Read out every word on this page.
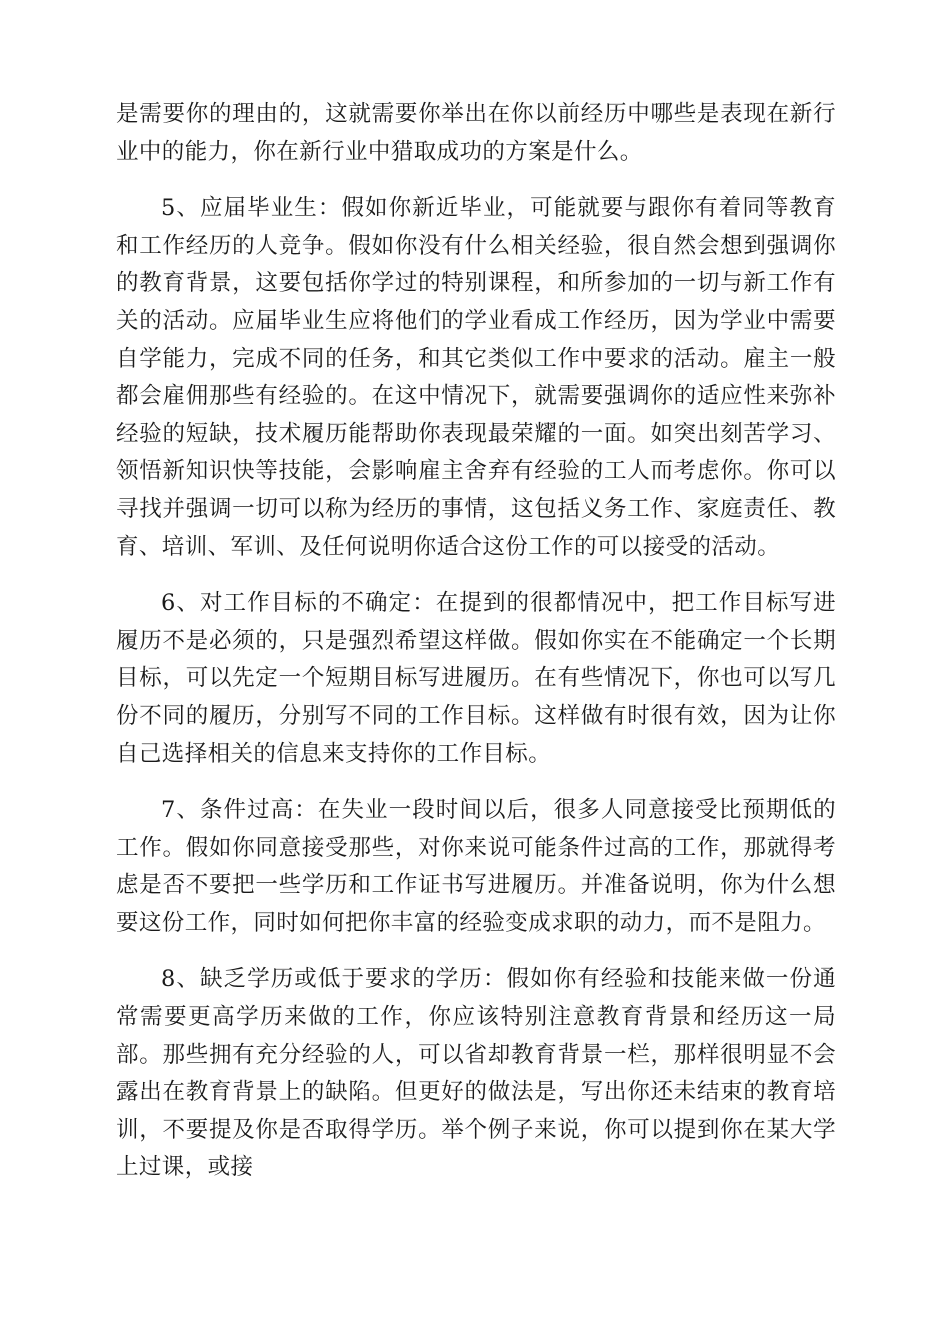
是需要你的理由的，这就需要你举出在你以前经历中哪些是表现在新行业中的能力，你在新行业中猎取成功的方案是什么。

5、应届毕业生：假如你新近毕业，可能就要与跟你有着同等教育和工作经历的人竞争。假如你没有什么相关经验，很自然会想到强调你的教育背景，这要包括你学过的特别课程，和所参加的一切与新工作有关的活动。应届毕业生应将他们的学业看成工作经历，因为学业中需要自学能力，完成不同的任务，和其它类似工作中要求的活动。雇主一般都会雇佣那些有经验的。在这中情况下，就需要强调你的适应性来弥补经验的短缺，技术履历能帮助你表现最荣耀的一面。如突出刻苦学习、领悟新知识快等技能，会影响雇主舍弃有经验的工人而考虑你。你可以寻找并强调一切可以称为经历的事情，这包括义务工作、家庭责任、教育、培训、军训、及任何说明你适合这份工作的可以接受的活动。

6、对工作目标的不确定：在提到的很都情况中，把工作目标写进履历不是必须的，只是强烈希望这样做。假如你实在不能确定一个长期目标，可以先定一个短期目标写进履历。在有些情况下，你也可以写几份不同的履历，分别写不同的工作目标。这样做有时很有效，因为让你自己选择相关的信息来支持你的工作目标。

7、条件过高：在失业一段时间以后，很多人同意接受比预期低的工作。假如你同意接受那些，对你来说可能条件过高的工作，那就得考虑是否不要把一些学历和工作证书写进履历。并准备说明，你为什么想要这份工作，同时如何把你丰富的经验变成求职的动力，而不是阻力。

8、缺乏学历或低于要求的学历：假如你有经验和技能来做一份通常需要更高学历来做的工作，你应该特别注意教育背景和经历这一局部。那些拥有充分经验的人，可以省却教育背景一栏，那样很明显不会露出在教育背景上的缺陷。但更好的做法是，写出你还未结束的教育培训，不要提及你是否取得学历。举个例子来说，你可以提到你在某大学上过课，或接
